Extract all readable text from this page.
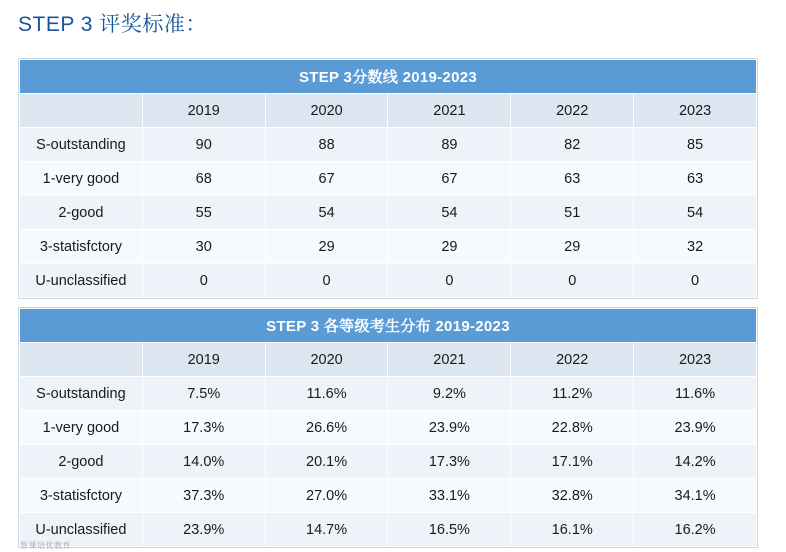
STEP 3 评奖标准：
STEP 3分数线 2019-2023					
	2019	2020	2021	2022	2023
S-outstanding	90	88	89	82	85
1-very good	68	67	67	63	63
2-good	55	54	54	51	54
3-statisfctory	30	29	29	29	32
U-unclassified	0	0	0	0	0
STEP 3 各等级考生分布 2019-2023					
	2019	2020	2021	2022	2023
S-outstanding	7.5%	11.6%	9.2%	11.2%	11.6%
1-very good	17.3%	26.6%	23.9%	22.8%	23.9%
2-good	14.0%	20.1%	17.3%	17.1%	14.2%
3-statisfctory	37.3%	27.0%	33.1%	32.8%	34.1%
U-unclassified	23.9%	14.7%	16.5%	16.1%	16.2%
智课培优教育
